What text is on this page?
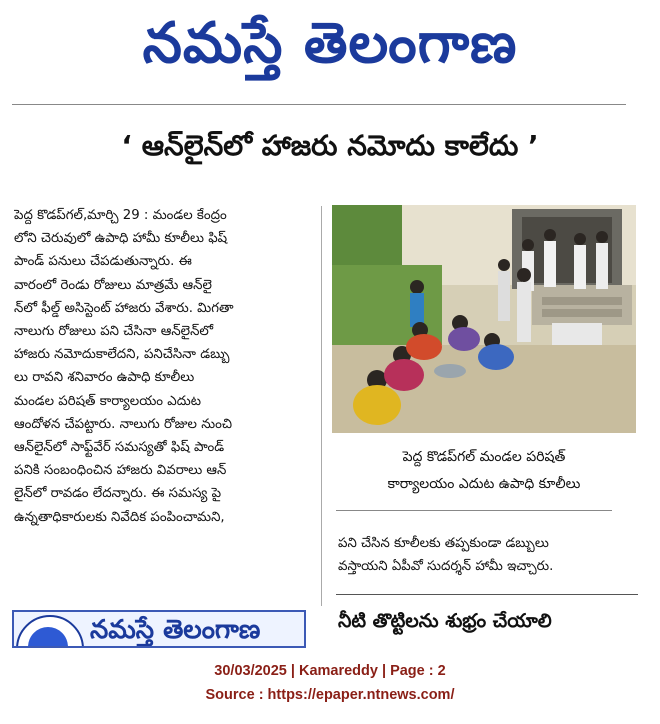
నమస్తే తెలంగాణ
‘ ఆన్‌లైన్‌లో హాజరు నమోదు కాలేదు ’
పెద్ద కొడప్‌గల్,మార్చి 29 : మండల కేంద్రం
లోని చెరువులో ఉపాధి హామీ కూలీలు ఫిష్
పాండ్ పనులు చేపడుతున్నారు. ఈ
వారంలో రెండు రోజులు మాత్రమే ఆన్‌లై
న్‌లో ఫీల్డ్ అసిస్టెంట్ హాజరు వేశారు. మిగతా
నాలుగు రోజులు పని చేసినా ఆన్‌లైన్‌లో
హాజరు నమోదుకాలేదని, పనిచేసినా డబ్బు
లు రావని శనివారం ఉపాధి కూలీలు
మండల పరిషత్ కార్యాలయం ఎదుట
ఆందోళన చేపట్టారు. నాలుగు రోజుల నుంచి
ఆన్‌లైన్‌లో సాఫ్ట్‌వేర్ సమస్యతో ఫిష్ పాండ్
పనికి సంబంధించిన హాజరు వివరాలు ఆన్
లైన్‌లో రావడం లేదన్నారు. ఈ సమస్య పై
ఉన్నతాధికారులకు నివేదిక పంపించామని,
పెద్ద కొడప్‌గల్ మండల పరిషత్
కార్యాలయం ఎదుట ఉపాధి కూలీలు
పని చేసిన కూలీలకు తప్పకుండా డబ్బులు
వస్తాయని ఏపీవో సుదర్శన్ హామీ ఇచ్చారు.
నీటి తొట్టిలను శుభ్రం చేయాలి
నమస్తే తెలంగాణ
30/03/2025 | Kamareddy | Page : 2
Source : https://epaper.ntnews.com/
